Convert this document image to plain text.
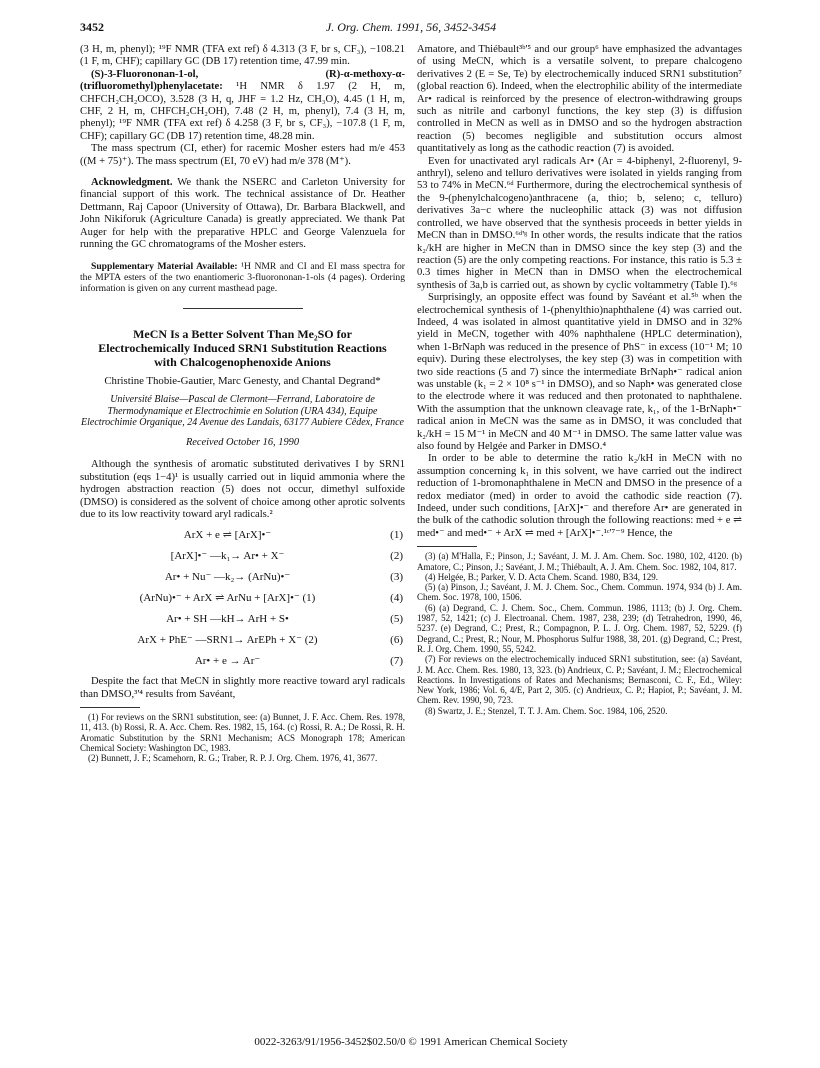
3452	J. Org. Chem. 1991, 56, 3452-3454

(3 H, m, phenyl); ¹⁹F NMR (TFA ext ref) δ 4.313 (3 F, br s, CF₃), −108.21 (1 F, m, CHF); capillary GC (DB 17) retention time, 47.99 min.

(S)-3-Fluorononan-1-ol, (R)-α-methoxy-α-(trifluoromethyl)phenylacetate: ¹H NMR δ 1.97 (2 H, m, CHFCH₂CH₂OCO), 3.528 (3 H, q, JHF = 1.2 Hz, CH₃O), 4.45 (1 H, m, CHF, 2 H, m, CHFCH₂CH₂OH), 7.48 (2 H, m, phenyl), 7.4 (3 H, m, phenyl); ¹⁹F NMR (TFA ext ref) δ 4.258 (3 F, br s, CF₃), −107.8 (1 F, m, CHF); capillary GC (DB 17) retention time, 48.28 min.

The mass spectrum (CI, ether) for racemic Mosher esters had m/e 453 ((M + 75)⁺). The mass spectrum (EI, 70 eV) had m/e 378 (M⁺).

Acknowledgment. We thank the NSERC and Carleton University for financial support of this work. The technical assistance of Dr. Heather Dettmann, Raj Capoor (University of Ottawa), Dr. Barbara Blackwell, and John Nikiforuk (Agriculture Canada) is greatly appreciated. We thank Pat Auger for help with the preparative HPLC and George Valenzuela for running the GC chromatograms of the Mosher esters.

Supplementary Material Available: ¹H NMR and CI and EI mass spectra for the MPTA esters of the two enantiomeric 3-fluorononan-1-ols (4 pages). Ordering information is given on any current masthead page.

MeCN Is a Better Solvent Than Me₂SO for Electrochemically Induced SRN1 Substitution Reactions with Chalcogenophenoxide Anions
Christine Thobie-Gautier, Marc Genesty, and Chantal Degrand*
Université Blaise—Pascal de Clermont—Ferrand, Laboratoire de Thermodynamique et Electrochimie en Solution (URA 434), Equipe Electrochimie Organique, 24 Avenue des Landais, 63177 Aubiere Cêdex, France
Received October 16, 1990

Although the synthesis of aromatic substituted derivatives I by SRN1 substitution (eqs 1−4)¹ is usually carried out in liquid ammonia where the hydrogen abstraction reaction (5) does not occur, dimethyl sulfoxide (DMSO) is considered as the solvent of choice among other aprotic solvents due to its low reactivity toward aryl radicals.²

ArX + e ⇌ [ArX]•⁻	(1)
[ArX]•⁻ —k₁→ Ar• + X⁻	(2)
Ar• + Nu⁻ —k₂→ (ArNu)•⁻	(3)
(ArNu)•⁻ + ArX ⇌ ArNu + [ArX]•⁻ (1)	(4)
Ar• + SH —kH→ ArH + S•	(5)
ArX + PhE⁻ —SRN1→ ArEPh + X⁻ (2)	(6)
Ar• + e → Ar⁻	(7)

Despite the fact that MeCN in slightly more reactive toward aryl radicals than DMSO,³'⁴ results from Savéant,

(1) For reviews on the SRN1 substitution, see: (a) Bunnet, J. F. Acc. Chem. Res. 1978, 11, 413. (b) Rossi, R. A. Acc. Chem. Res. 1982, 15, 164. (c) Rossi, R. A.; De Rossi, R. H. Aromatic Substitution by the SRN1 Mechanism; ACS Monograph 178; American Chemical Society: Washington DC, 1983.

(2) Bunnett, J. F.; Scamehorn, R. G.; Traber, R. P. J. Org. Chem. 1976, 41, 3677.

Amatore, and Thiébault³ᵇ'⁵ and our group⁶ have emphasized the advantages of using MeCN, which is a versatile solvent, to prepare chalcogeno derivatives 2 (E = Se, Te) by electrochemically induced SRN1 substitution⁷ (global reaction 6). Indeed, when the electrophilic ability of the intermediate Ar• radical is reinforced by the presence of electron-withdrawing groups such as nitrile and carbonyl functions, the key step (3) is diffusion controlled in MeCN as well as in DMSO and so the hydrogen abstraction reaction (5) becomes negligible and substitution occurs almost quantitatively as long as the cathodic reaction (7) is avoided.

Even for unactivated aryl radicals Ar• (Ar = 4-biphenyl, 2-fluorenyl, 9-anthryl), seleno and telluro derivatives were isolated in yields ranging from 53 to 74% in MeCN.⁶ᵈ Furthermore, during the electrochemical synthesis of the 9-(phenylchalcogeno)anthracene (a, thio; b, seleno; c, telluro) derivatives 3a−c where the nucleophilic attack (3) was not diffusion controlled, we have observed that the synthesis proceeds in better yields in MeCN than in DMSO.⁶ᵈ'ᵍ In other words, the results indicate that the ratios k₂/kH are higher in MeCN than in DMSO since the key step (3) and the reaction (5) are the only competing reactions. For instance, this ratio is 5.3 ± 0.3 times higher in MeCN than in DMSO when the electrochemical synthesis of 3a,b is carried out, as shown by cyclic voltammetry (Table I).⁶ᵍ

Surprisingly, an opposite effect was found by Savéant et al.⁵ᵇ when the electrochemical synthesis of 1-(phenylthio)naphthalene (4) was carried out. Indeed, 4 was isolated in almost quantitative yield in DMSO and in 32% yield in MeCN, together with 40% naphthalene (HPLC determination), when 1-BrNaph was reduced in the presence of PhS⁻ in excess (10⁻¹ M; 10 equiv). During these electrolyses, the key step (3) was in competition with two side reactions (5 and 7) since the intermediate BrNaph•⁻ radical anion was unstable (k₁ = 2 × 10⁸ s⁻¹ in DMSO), and so Naph• was generated close to the electrode where it was reduced and then protonated to naphthalene. With the assumption that the unknown cleavage rate, k₁, of the 1-BrNaph•⁻ radical anion in MeCN was the same as in DMSO, it was concluded that k₂/kH = 15 M⁻¹ in MeCN and 40 M⁻¹ in DMSO. The same latter value was also found by Helgée and Parker in DMSO.⁴

In order to be able to determine the ratio k₂/kH in MeCN with no assumption concerning k₁ in this solvent, we have carried out the indirect reduction of 1-bromonaphthalene in MeCN and DMSO in the presence of a redox mediator (med) in order to avoid the cathodic side reaction (7). Indeed, under such conditions, [ArX]•⁻ and therefore Ar• are generated in the bulk of the cathodic solution through the following reactions: med + e ⇌ med•⁻ and med•⁻ + ArX ⇌ med + [ArX]•⁻.¹ᶜ'⁷⁻⁹ Hence, the

(3) (a) M'Halla, F.; Pinson, J.; Savéant, J. M. J. Am. Chem. Soc. 1980, 102, 4120. (b) Amatore, C.; Pinson, J.; Savéant, J. M.; Thiébault, A. J. Am. Chem. Soc. 1982, 104, 817.

(4) Helgée, B.; Parker, V. D. Acta Chem. Scand. 1980, B34, 129.

(5) (a) Pinson, J.; Savéant, J. M. J. Chem. Soc., Chem. Commun. 1974, 934 (b) J. Am. Chem. Soc. 1978, 100, 1506.

(6) (a) Degrand, C. J. Chem. Soc., Chem. Commun. 1986, 1113; (b) J. Org. Chem. 1987, 52, 1421; (c) J. Electroanal. Chem. 1987, 238, 239; (d) Tetrahedron, 1990, 46, 5237. (e) Degrand, C.; Prest, R.; Compagnon, P. L. J. Org. Chem. 1987, 52, 5229. (f) Degrand, C.; Prest, R.; Nour, M. Phosphorus Sulfur 1988, 38, 201. (g) Degrand, C.; Prest, R. J. Org. Chem. 1990, 55, 5242.

(7) For reviews on the electrochemically induced SRN1 substitution, see: (a) Savéant, J. M. Acc. Chem. Res. 1980, 13, 323. (b) Andrieux, C. P.; Savéant, J. M.; Electrochemical Reactions. In Investigations of Rates and Mechanisms; Bernasconi, C. F., Ed., Wiley: New York, 1986; Vol. 6, 4/E, Part 2, 305. (c) Andrieux, C. P.; Hapiot, P.; Savéant, J. M. Chem. Rev. 1990, 90, 723.

(8) Swartz, J. E.; Stenzel, T. T. J. Am. Chem. Soc. 1984, 106, 2520.

0022-3263/91/1956-3452$02.50/0 © 1991 American Chemical Society
